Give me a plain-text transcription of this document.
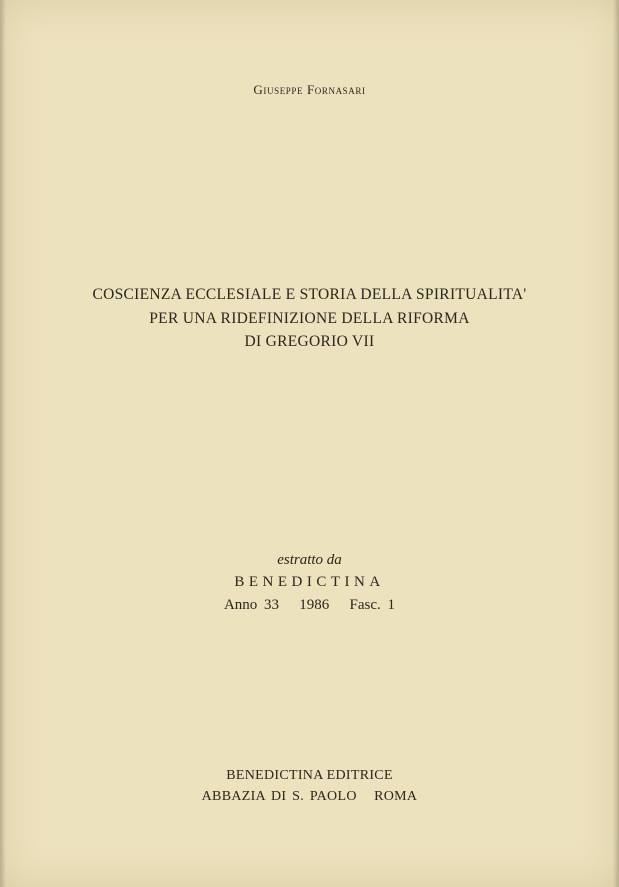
Giuseppe Fornasari
COSCIENZA ECCLESIALE E STORIA DELLA SPIRITUALITA'
PER UNA RIDEFINIZIONE DELLA RIFORMA
DI GREGORIO VII
estratto da
BENEDICTINA
Anno 33   1986   Fasc. 1
BENEDICTINA EDITRICE
ABBAZIA DI S. PAOLO   ROMA
